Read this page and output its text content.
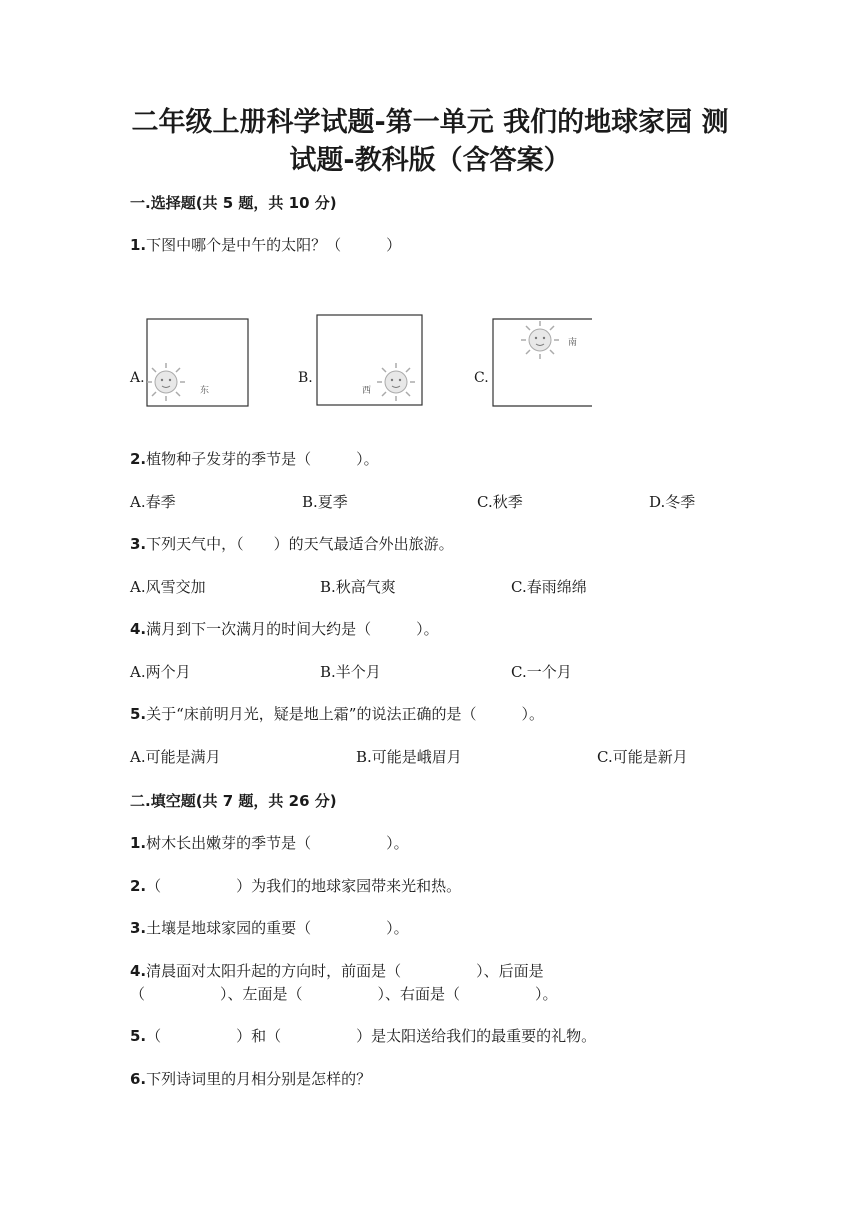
二年级上册科学试题-第一单元 我们的地球家园 测
试题-教科版（含答案）
一.选择题(共 5 题，共 10 分)
1.下图中哪个是中午的太阳？（　　　）
A.
东
B.
西
C.
南
2.植物种子发芽的季节是（　　　）。
A.春季	B.夏季	C.秋季	D.冬季
3.下列天气中，（　　）的天气最适合外出旅游。
A.风雪交加	B.秋高气爽	C.春雨绵绵
4.满月到下一次满月的时间大约是（　　　）。
A.两个月	B.半个月	C.一个月
5.关于“床前明月光，疑是地上霜”的说法正确的是（　　　）。
A.可能是满月	B.可能是峨眉月	C.可能是新月
二.填空题(共 7 题，共 26 分)
1.树木长出嫩芽的季节是（　　　　　）。
2.（　　　　　）为我们的地球家园带来光和热。
3.土壤是地球家园的重要（　　　　　）。
4.清晨面对太阳升起的方向时，前面是（　　　　　）、后面是
（　　　　　）、左面是（　　　　　）、右面是（　　　　　）。
5.（　　　　　）和（　　　　　）是太阳送给我们的最重要的礼物。
6.下列诗词里的月相分别是怎样的？
